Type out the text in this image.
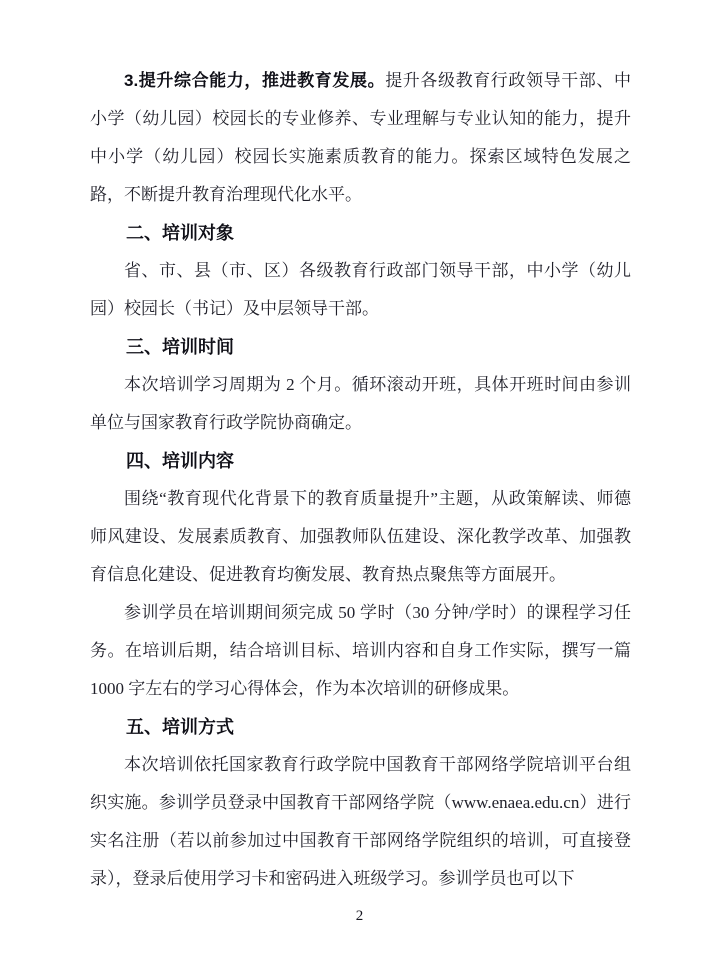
3.提升综合能力，推进教育发展。提升各级教育行政领导干部、中小学（幼儿园）校园长的专业修养、专业理解与专业认知的能力，提升中小学（幼儿园）校园长实施素质教育的能力。探索区域特色发展之路，不断提升教育治理现代化水平。

二、培训对象

省、市、县（市、区）各级教育行政部门领导干部，中小学（幼儿园）校园长（书记）及中层领导干部。

三、培训时间

本次培训学习周期为 2 个月。循环滚动开班，具体开班时间由参训单位与国家教育行政学院协商确定。

四、培训内容

围绕“教育现代化背景下的教育质量提升”主题，从政策解读、师德师风建设、发展素质教育、加强教师队伍建设、深化教学改革、加强教育信息化建设、促进教育均衡发展、教育热点聚焦等方面展开。

参训学员在培训期间须完成 50 学时（30 分钟/学时）的课程学习任务。在培训后期，结合培训目标、培训内容和自身工作实际，撰写一篇 1000 字左右的学习心得体会，作为本次培训的研修成果。

五、培训方式

本次培训依托国家教育行政学院中国教育干部网络学院培训平台组织实施。参训学员登录中国教育干部网络学院（www.enaea.edu.cn）进行实名注册（若以前参加过中国教育干部网络学院组织的培训，可直接登录），登录后使用学习卡和密码进入班级学习。参训学员也可以下

2
